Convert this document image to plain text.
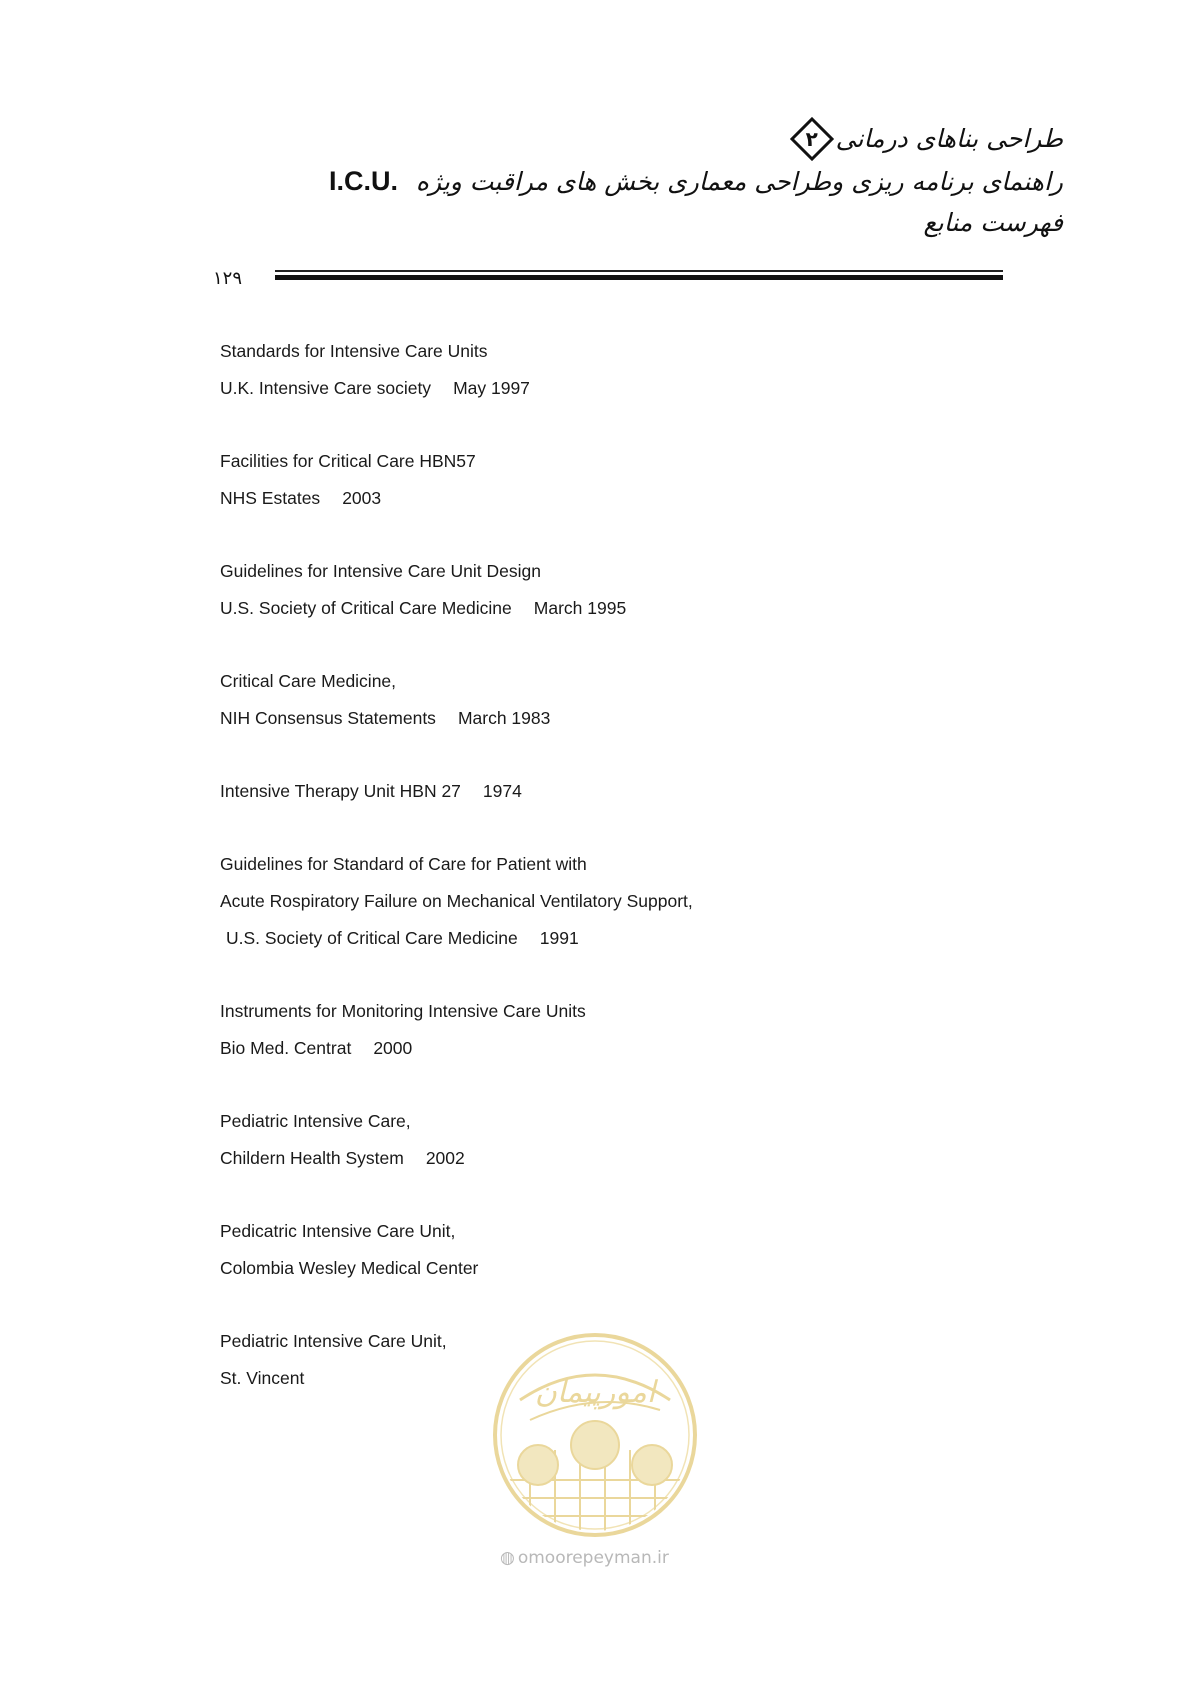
طراحی بناهای درمانی
۲
راهنمای برنامه ریزی وطراحی معماری بخش های مراقبت ویژه I.C.U.
فهرست منابع
۱۲۹
Standards for Intensive Care Units
U.K. Intensive Care society May 1997
Facilities for Critical Care HBN57
NHS Estates 2003
Guidelines for Intensive Care Unit Design
U.S. Society of Critical Care Medicine March 1995
Critical Care Medicine,
NIH Consensus Statements March 1983
Intensive Therapy Unit HBN 27 1974
Guidelines for Standard of Care for Patient with
Acute Rospiratory Failure on Mechanical Ventilatory Support,
U.S. Society of Critical Care Medicine 1991
Instruments for Monitoring Intensive Care Units
Bio Med. Centrat 2000
Pediatric Intensive Care,
Childern Health System 2002
Pedicatric Intensive Care Unit,
Colombia Wesley Medical Center
Pediatric Intensive Care Unit,
St. Vincent	امورپیمان
◍ omoorepeyman.ir
